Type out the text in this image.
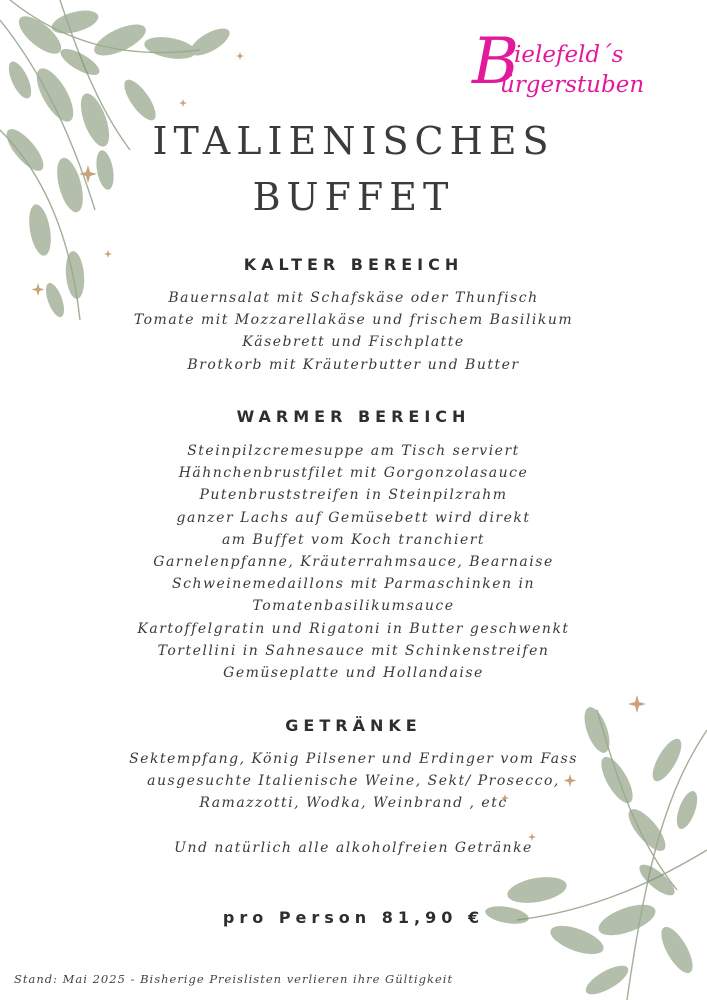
B
ielefeld´s
ürgerstuben
ITALIENISCHES
BUFFET
KALTER BEREICH
Bauernsalat mit Schafskäse oder Thunfisch
Tomate mit Mozzarellakäse und frischem Basilikum
Käsebrett und Fischplatte
Brotkorb mit Kräuterbutter und Butter
WARMER BEREICH
Steinpilzcremesuppe am Tisch serviert
Hähnchenbrustfilet mit Gorgonzolasauce
Putenbruststreifen in Steinpilzrahm
ganzer Lachs auf Gemüsebett wird direkt
am Buffet vom Koch tranchiert
Garnelenpfanne, Kräuterrahmsauce, Bearnaise
Schweinemedaillons mit Parmaschinken in
Tomatenbasilikumsauce
Kartoffelgratin und Rigatoni in Butter geschwenkt
Tortellini in Sahnesauce mit Schinkenstreifen
Gemüseplatte und Hollandaise
GETRÄNKE
Sektempfang, König Pilsener und Erdinger vom Fass
ausgesuchte Italienische Weine, Sekt/ Prosecco,
Ramazzotti, Wodka, Weinbrand , etc
Und natürlich alle alkoholfreien Getränke
pro Person 81,90 €
Stand: Mai 2025 - Bisherige Preislisten verlieren ihre Gültigkeit
